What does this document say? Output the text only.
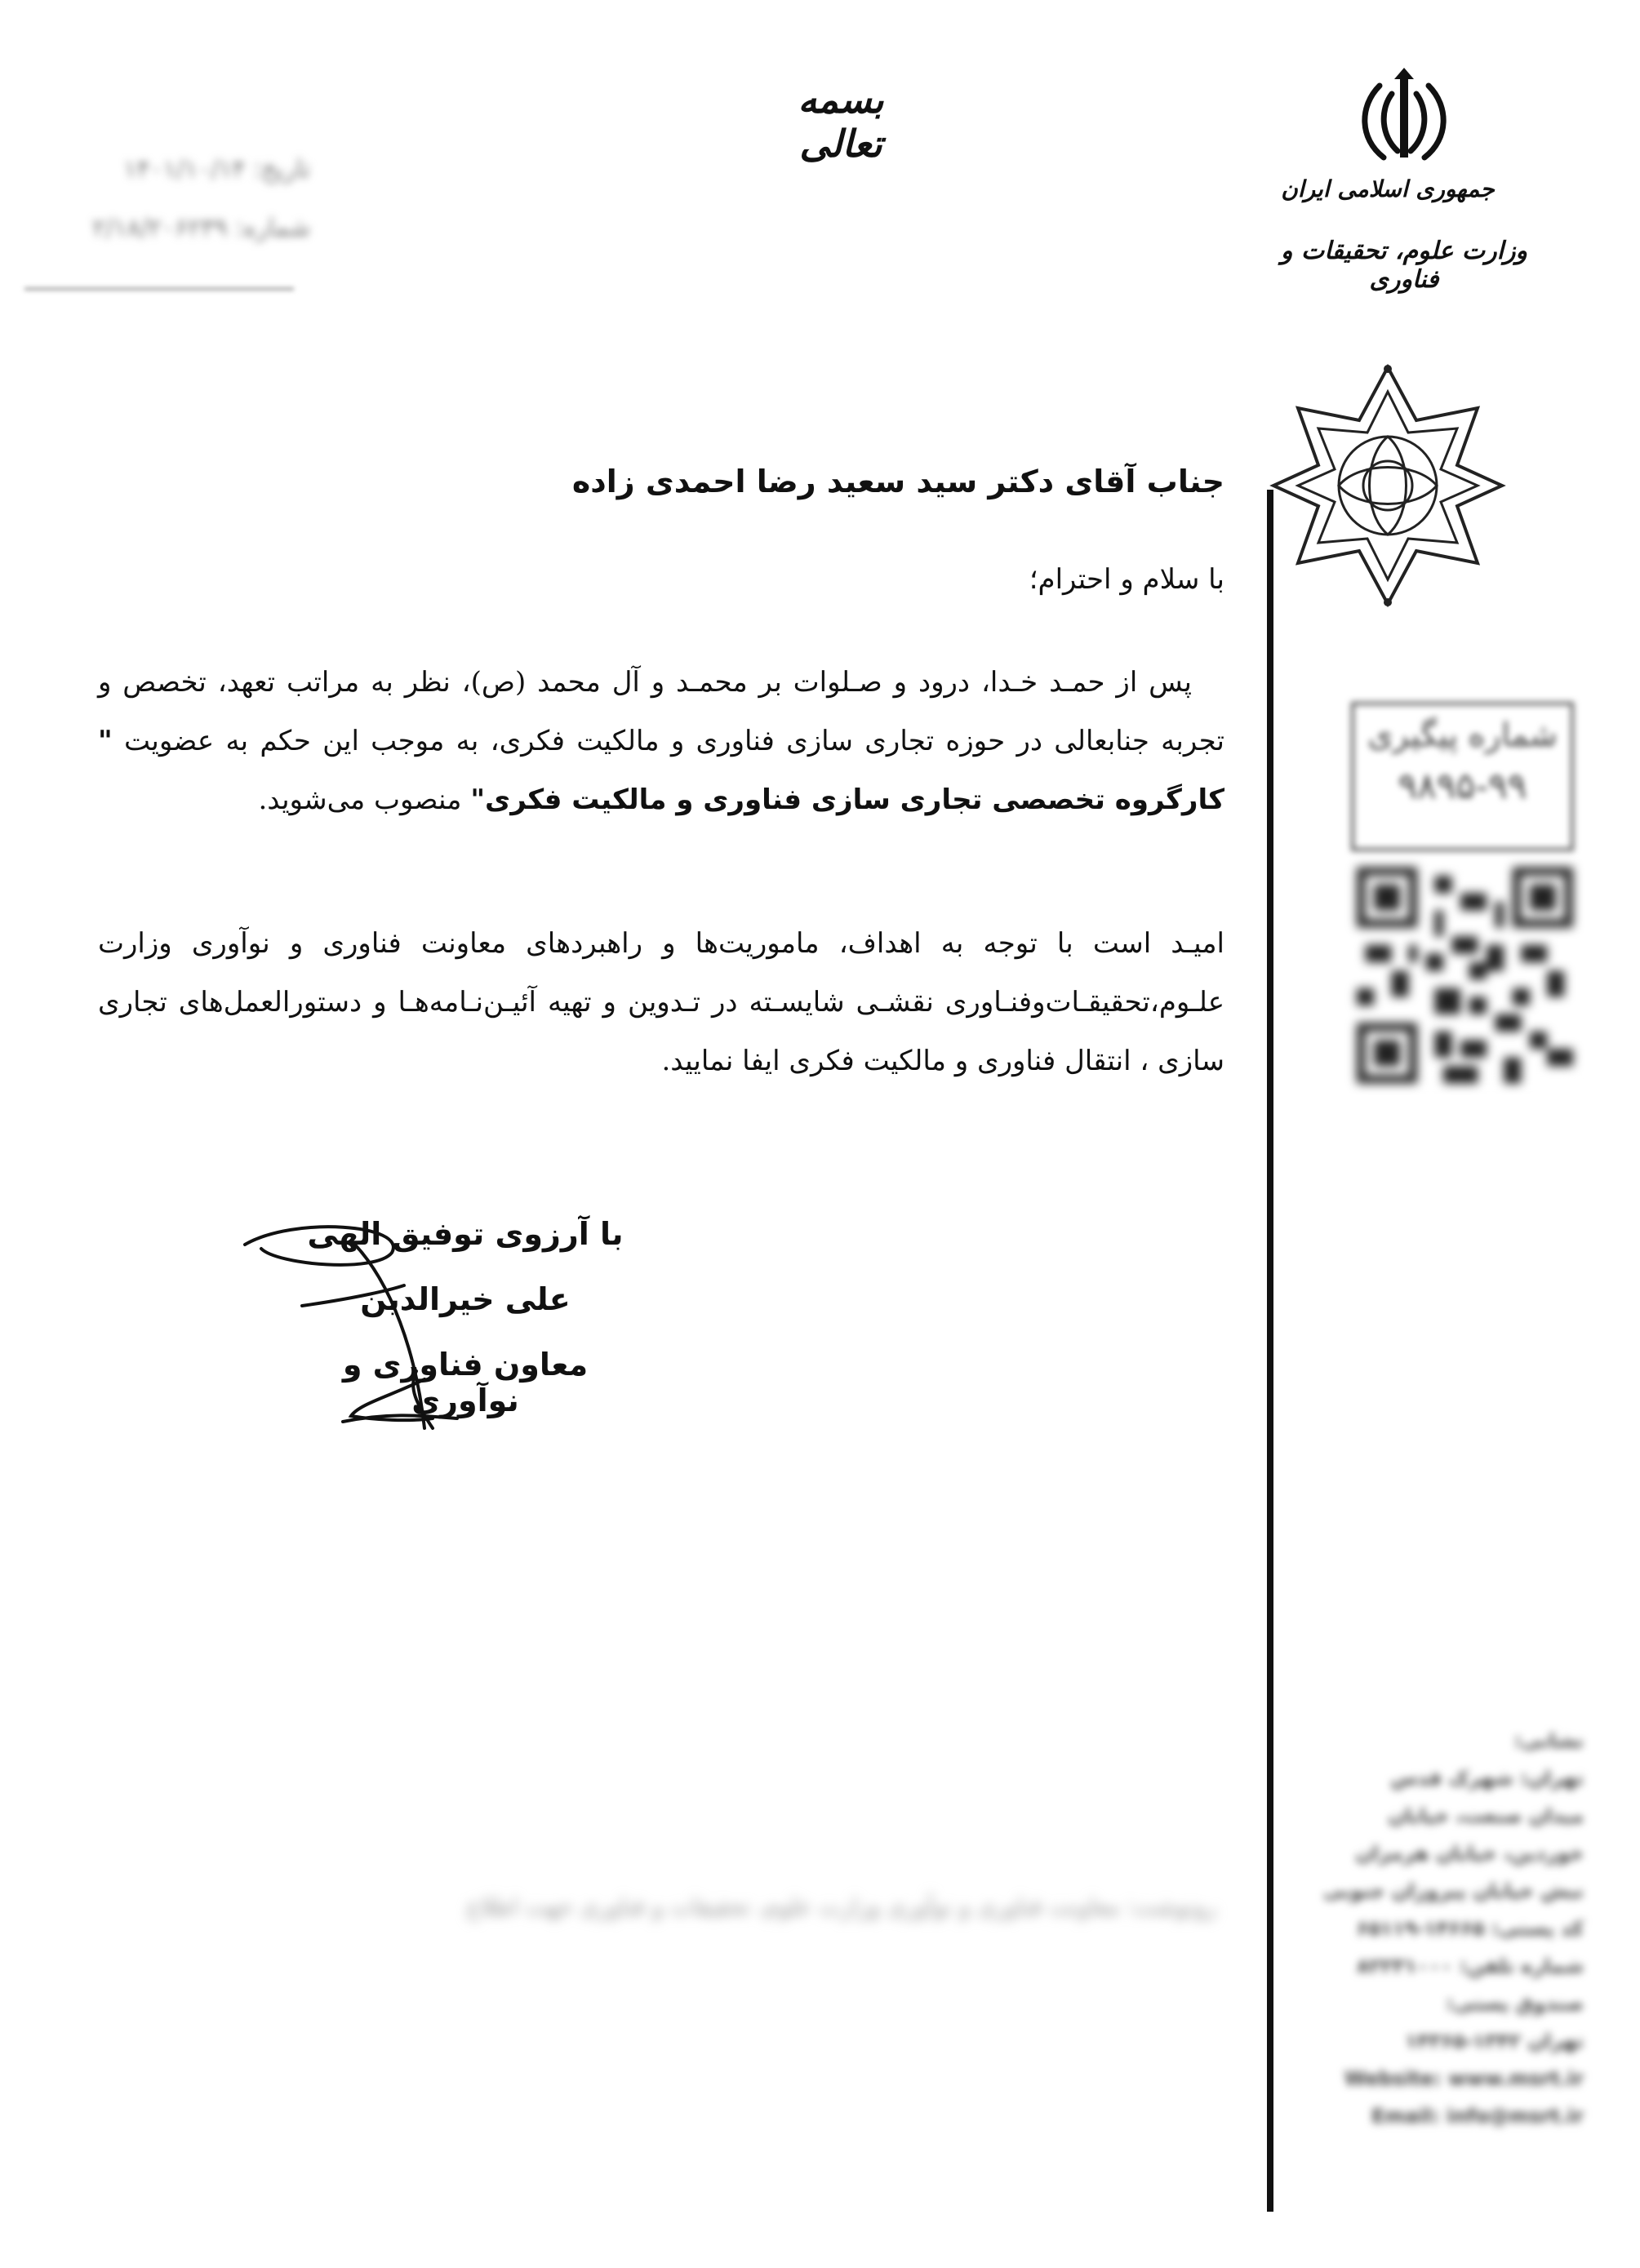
بسمه تعالی
جمهوری اسلامی ایران
وزارت علوم، تحقیقات و فناوری
تاریخ: ۱۴۰۱/۱۰/۱۴
شماره: ۲/۱۸/۲۰۶۲۳۹
شماره پیگیری
۹۸۹۵-۹۹
جناب آقای دکتر سید سعید رضا احمدی زاده
با سلام و احترام؛
پس از حمـد خـدا، درود و صـلوات بر محمـد و آل محمد (ص)، نظر به مراتب تعهد، تخصص و تجربه جنابعالی در حوزه تجاری سازی فناوری و مالکیت فکری، به موجب این حکم به عضویت " کارگروه تخصصی تجاری سازی فناوری و مالکیت فکری" منصوب می‌شوید.
امیـد است با توجه به اهداف، ماموریت‌ها و راهبردهای معاونت فناوری و نوآوری وزارت علـوم،تحقیقـات‌وفنـاوری نقشـی شایسـته در تـدوین و تهیه آئیـن‌نـامه‌هـا و دستورالعمل‌های تجاری سازی ، انتقال فناوری و مالکیت فکری ایفا نمایید.
با آرزوی توفیق الهی
علی خیرالدین
معاون فناوری و نوآوری
نشانی:
تهران: شهرک قدس
میدان صنعت، خیابان
خوردین، خیابان هرمزان
نبش خیابان پیروزان جنوبی
کد پستی: ۱۴۶۶۵-۶۵۱۱۹
شماره تلفن: ۸۲۲۳۱۰۰۰
صندوق پستی:
تهران ۱۳۴۲-۱۴۳۶۵
Website: www.msrt.ir
Email: info@msrt.ir
رونوشت: معاونت فناوری و نوآوری وزارت علوم، تحقیقات و فناوری جهت اطلاع
